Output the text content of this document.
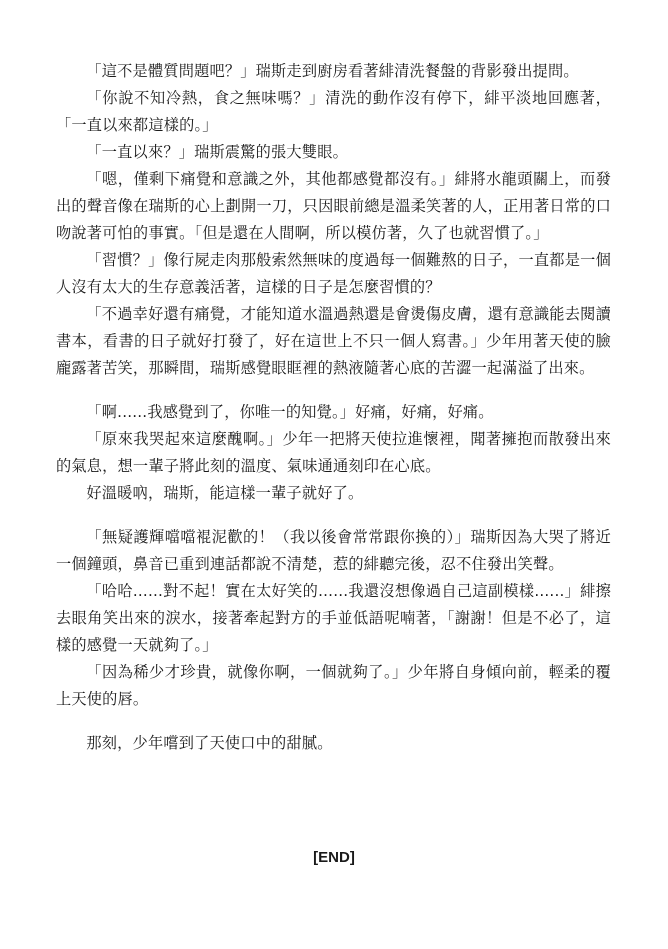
「這不是體質問題吧？」瑞斯走到廚房看著緋清洗餐盤的背影發出提問。

「你說不知冷熱，食之無味嗎？」清洗的動作沒有停下，緋平淡地回應著，「一直以來都這樣的。」

「一直以來？」瑞斯震驚的張大雙眼。

「嗯，僅剩下痛覺和意識之外，其他都感覺都沒有。」緋將水龍頭關上，而發出的聲音像在瑞斯的心上劃開一刀，只因眼前總是溫柔笑著的人，正用著日常的口吻說著可怕的事實。「但是還在人間啊，所以模仿著，久了也就習慣了。」

「習慣？」像行屍走肉那般索然無味的度過每一個難熬的日子，一直都是一個人沒有太大的生存意義活著，這樣的日子是怎麼習慣的？

「不過幸好還有痛覺，才能知道水溫過熱還是會燙傷皮膚，還有意識能去閱讀書本，看書的日子就好打發了，好在這世上不只一個人寫書。」少年用著天使的臉龐露著苦笑，那瞬間，瑞斯感覺眼眶裡的熱液隨著心底的苦澀一起滿溢了出來。

「啊......我感覺到了，你唯一的知覺。」好痛，好痛，好痛。

「原來我哭起來這麼醜啊。」少年一把將天使拉進懷裡，聞著擁抱而散發出來的氣息，想一輩子將此刻的溫度、氣味通通刻印在心底。

好溫暖吶，瑞斯，能這樣一輩子就好了。

「無疑護輝噹噹裩泥歡的！（我以後會常常跟你換的）」瑞斯因為大哭了將近一個鐘頭，鼻音已重到連話都說不清楚，惹的緋聽完後，忍不住發出笑聲。

「哈哈......對不起！實在太好笑的......我還沒想像過自己這副模樣......」緋擦去眼角笑出來的淚水，接著牽起對方的手並低語呢喃著，「謝謝！但是不必了，這樣的感覺一天就夠了。」

「因為稀少才珍貴，就像你啊，一個就夠了。」少年將自身傾向前，輕柔的覆上天使的唇。

那刻，少年嚐到了天使口中的甜膩。

[END]
